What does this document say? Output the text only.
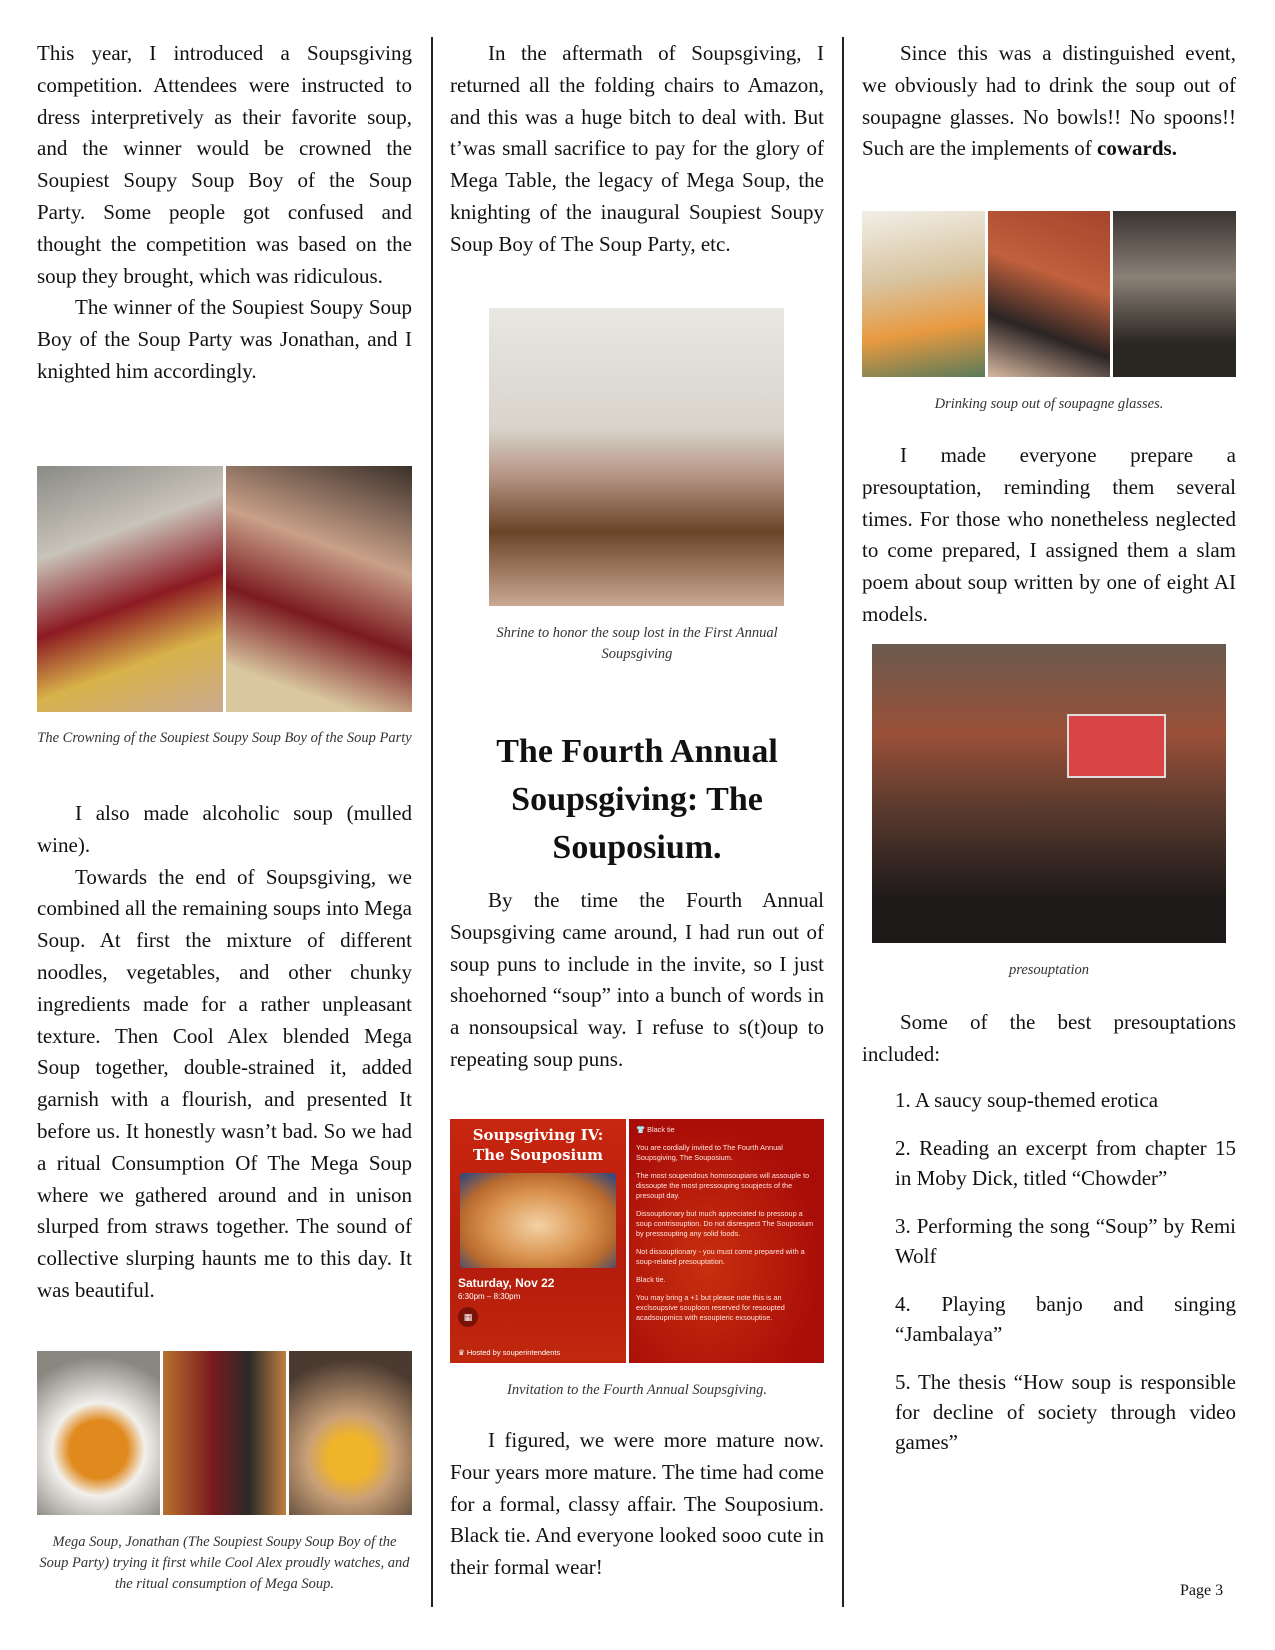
This year, I introduced a Soupsgiving competition. Attendees were instructed to dress interpretively as their favorite soup, and the winner would be crowned the Soupiest Soupy Soup Boy of the Soup Party. Some people got confused and thought the competition was based on the soup they brought, which was ridiculous.

The winner of the Soupiest Soupy Soup Boy of the Soup Party was Jonathan, and I knighted him accordingly.

The Crowning of the Soupiest Soupy Soup Boy of the Soup Party

I also made alcoholic soup (mulled wine).

Towards the end of Soupsgiving, we combined all the remaining soups into Mega Soup. At first the mixture of different noodles, vegetables, and other chunky ingredients made for a rather unpleasant texture. Then Cool Alex blended Mega Soup together, double-strained it, added garnish with a flourish, and presented It before us. It honestly wasn’t bad. So we had a ritual Consumption Of The Mega Soup where we gathered around and in unison slurped from straws together. The sound of collective slurping haunts me to this day. It was beautiful.

Mega Soup, Jonathan (The Soupiest Soupy Soup Boy of the Soup Party) trying it first while Cool Alex proudly watches, and the ritual consumption of Mega Soup.

In the aftermath of Soupsgiving, I returned all the folding chairs to Amazon, and this was a huge bitch to deal with. But t’was small sacrifice to pay for the glory of Mega Table, the legacy of Mega Soup, the knighting of the inaugural Soupiest Soupy Soup Boy of The Soup Party, etc.

Shrine to honor the soup lost in the First Annual Soupsgiving
The Fourth Annual Soupsgiving: The Souposium.

By the time the Fourth Annual Soupsgiving came around, I had run out of soup puns to include in the invite, so I just shoehorned “soup” into a bunch of words in a nonsoupsical way. I refuse to s(t)oup to repeating soup puns.

Soupsgiving IV: The Souposium
Saturday, Nov 22
6:30pm – 8:30pm
▦
♛ Hosted by souperintendents
👕 Black tie
You are cordially invited to The Fourth Annual Soupsgiving, The Souposium.
The most soupendous homosoupians will assouple to dissoupte the most pressouping soupjects of the presoupt day.
Dissouptionary but much appreciated to pressoup a soup contrisouption. Do not disrespect The Souposium by pressoupting any solid foods.
Not dissouptionary - you must come prepared with a soup-related presouptation.
Black tie.
You may bring a +1 but please note this is an exclsoupsive souploon reserved for resoupted acadsoupmics with esoupteric exsouptise.
Invitation to the Fourth Annual Soupsgiving.

I figured, we were more mature now. Four years more mature. The time had come for a formal, classy affair. The Souposium. Black tie. And everyone looked sooo cute in their formal wear!

Since this was a distinguished event, we obviously had to drink the soup out of soupagne glasses. No bowls!! No spoons!! Such are the implements of cowards.

Drinking soup out of soupagne glasses.

I made everyone prepare a presouptation, reminding them several times. For those who nonetheless neglected to come prepared, I assigned them a slam poem about soup written by one of eight AI models.

presouptation

Some of the best presouptations included:

1. A saucy soup-themed erotica
2. Reading an excerpt from chapter 15 in Moby Dick, titled “Chowder”
3. Performing the song “Soup” by Remi Wolf
4. Playing banjo and singing “Jambalaya”
5. The thesis “How soup is responsible for decline of society through video games”
Page 3
